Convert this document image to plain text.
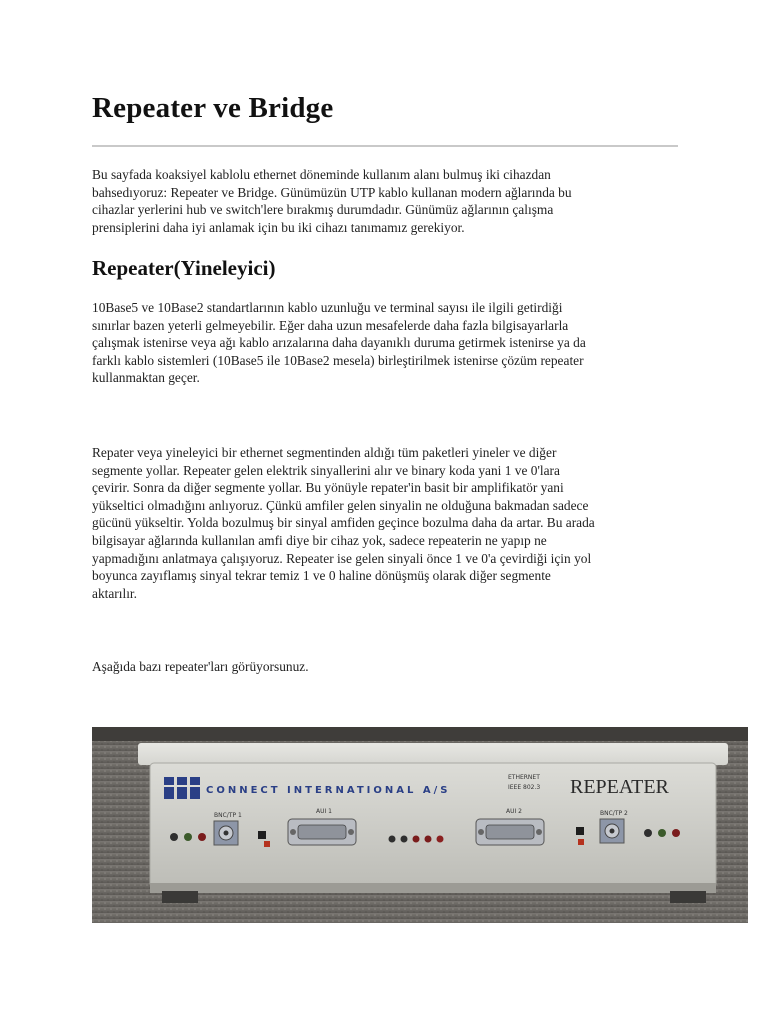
Repeater ve Bridge

Bu sayfada koaksiyel kablolu ethernet döneminde kullanım alanı bulmuş iki cihazdan
bahsedıyoruz: Repeater ve Bridge. Günümüzün UTP kablo kullanan modern ağlarında bu
cihazlar yerlerini hub ve switch'lere bırakmış durumdadır. Günümüz ağlarının çalışma
prensiplerini daha iyi anlamak için bu iki cihazı tanımamız gerekiyor.

Repeater(Yineleyici)

10Base5 ve 10Base2 standartlarının kablo uzunluğu ve terminal sayısı ile ilgili getirdiği
sınırlar bazen yeterli gelmeyebilir. Eğer daha uzun mesafelerde daha fazla bilgisayarlarla
çalışmak istenirse veya ağı kablo arızalarına daha dayanıklı duruma getirmek istenirse ya da
farklı kablo sistemleri (10Base5 ile 10Base2 mesela) birleştirilmek istenirse çözüm repeater
kullanmaktan geçer.

Repater veya yineleyici bir ethernet segmentinden aldığı tüm paketleri yineler ve diğer
segmente yollar. Repeater gelen elektrik sinyallerini alır ve binary koda yani 1 ve 0'lara
çevirir. Sonra da diğer segmente yollar. Bu yönüyle repater'in basit bir amplifikatör yani
yükseltici olmadığını anlıyoruz. Çünkü amfiler gelen sinyalin ne olduğuna bakmadan sadece
gücünü yükseltir. Yolda bozulmuş bir sinyal amfiden geçince bozulma daha da artar. Bu arada
bilgisayar ağlarında kullanılan amfi diye bir cihaz yok, sadece repeaterin ne yapıp ne
yapmadığını anlatmaya çalışıyoruz. Repeater ise gelen sinyali önce 1 ve 0'a çevirdiği için yol
boyunca zayıflamış sinyal tekrar temiz 1 ve 0 haline dönüşmüş olarak diğer segmente
aktarılır.

Aşağıda bazı repeater'ları görüyorsunuz.

CONNECT INTERNATIONAL A/S
ETHERNET
IEEE 802.3 REPEATER
BNC/TP 1
AUI 1	AUI 2	BNC/TP 2
